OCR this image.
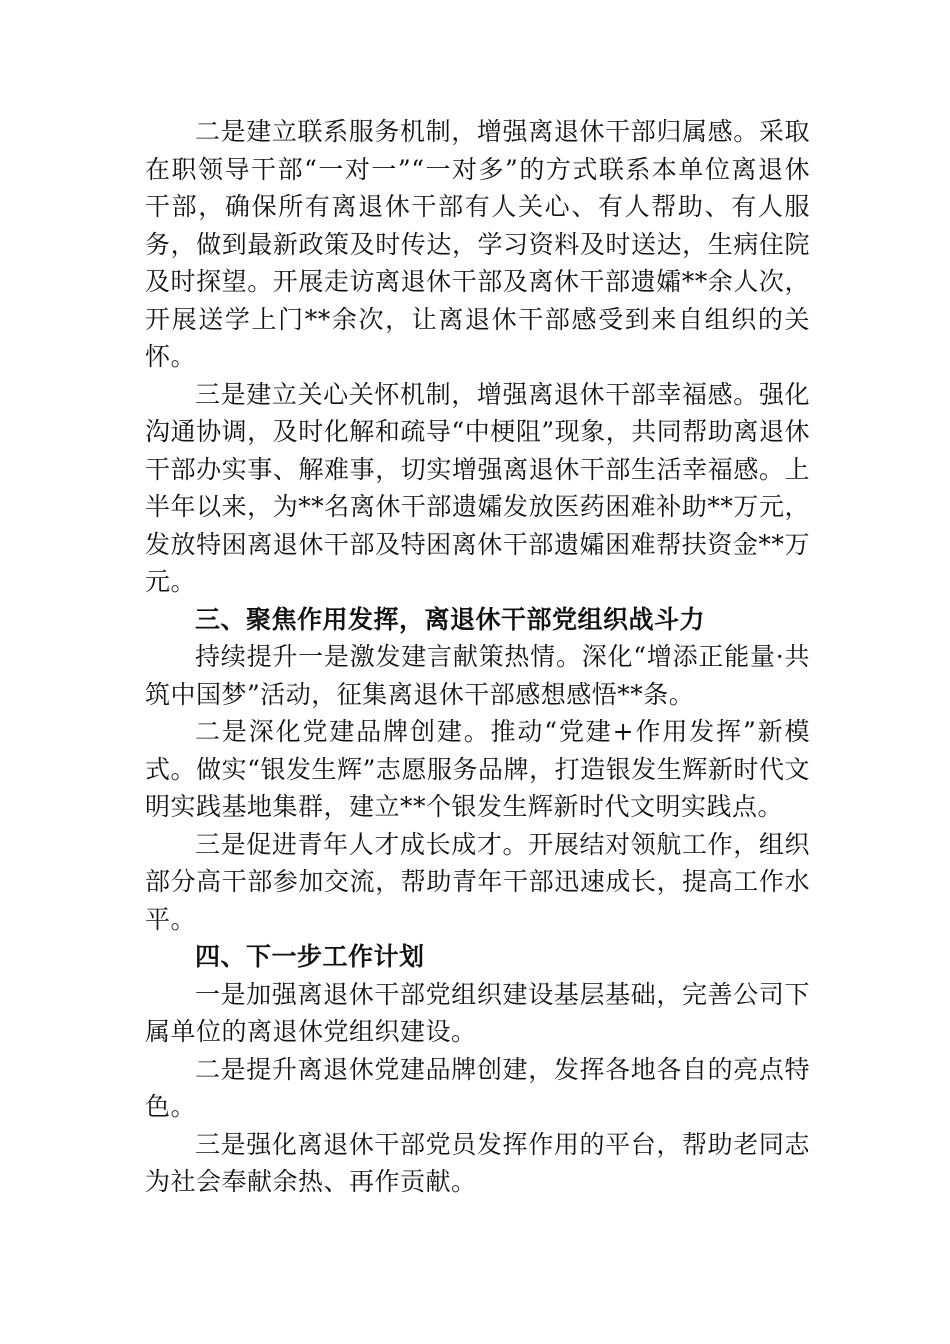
二是建立联系服务机制，增强离退休干部归属感。采取在职领导干部“一对一”“一对多”的方式联系本单位离退休干部，确保所有离退休干部有人关心、有人帮助、有人服务，做到最新政策及时传达，学习资料及时送达，生病住院及时探望。开展走访离退休干部及离休干部遗孀**余人次，开展送学上门**余次，让离退休干部感受到来自组织的关怀。

三是建立关心关怀机制，增强离退休干部幸福感。强化沟通协调，及时化解和疏导“中梗阻”现象，共同帮助离退休干部办实事、解难事，切实增强离退休干部生活幸福感。上半年以来，为**名离休干部遗孀发放医药困难补助**万元，发放特困离退休干部及特困离休干部遗孀困难帮扶资金**万元。

三、聚焦作用发挥，离退休干部党组织战斗力

持续提升一是激发建言献策热情。深化“增添正能量·共筑中国梦”活动，征集离退休干部感想感悟**条。

二是深化党建品牌创建。推动“党建+作用发挥”新模式。做实“银发生辉”志愿服务品牌，打造银发生辉新时代文明实践基地集群，建立**个银发生辉新时代文明实践点。

三是促进青年人才成长成才。开展结对领航工作，组织部分高干部参加交流，帮助青年干部迅速成长，提高工作水平。

四、下一步工作计划

一是加强离退休干部党组织建设基层基础，完善公司下属单位的离退休党组织建设。

二是提升离退休党建品牌创建，发挥各地各自的亮点特色。

三是强化离退休干部党员发挥作用的平台，帮助老同志为社会奉献余热、再作贡献。
